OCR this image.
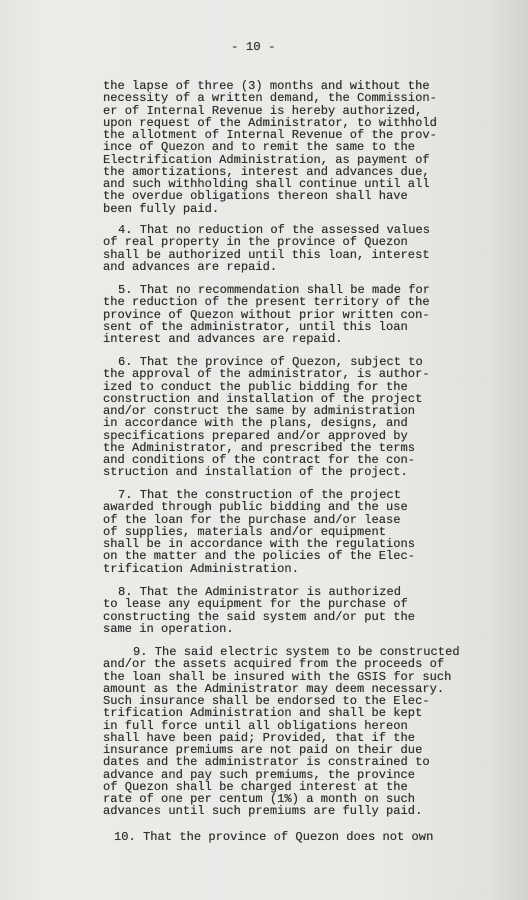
- 10 -
the lapse of three (3) months and without the
necessity of a written demand, the Commission-
er of Internal Revenue is hereby authorized,
upon request of the Administrator, to withhold
the allotment of Internal Revenue of the prov-
ince of Quezon and to remit the same to the
Electrification Administration, as payment of
the amortizations, interest and advances due,
and such withholding shall continue until all
the overdue obligations thereon shall have
been fully paid.
4. That no reduction of the assessed values
of real property in the province of Quezon
shall be authorized until this loan, interest
and advances are repaid.
5. That no recommendation shall be made for
the reduction of the present territory of the
province of Quezon without prior written con-
sent of the administrator, until this loan
interest and advances are repaid.
6. That the province of Quezon, subject to
the approval of the administrator, is author-
ized to conduct the public bidding for the
construction and installation of the project
and/or construct the same by administration
in accordance with the plans, designs, and
specifications prepared and/or approved by
the Administrator, and prescribed the terms
and conditions of the contract for the con-
struction and installation of the project.
7. That the construction of the project
awarded through public bidding and the use
of the loan for the purchase and/or lease
of supplies, materials and/or equipment
shall be in accordance with the regulations
on the matter and the policies of the Elec-
trification Administration.
8. That the Administrator is authorized
to lease any equipment for the purchase of
constructing the said system and/or put the
same in operation.
9. The said electric system to be constructed
and/or the assets acquired from the proceeds of
the loan shall be insured with the GSIS for such
amount as the Administrator may deem necessary.
Such insurance shall be endorsed to the Elec-
trification Administration and shall be kept
in full force until all obligations hereon
shall have been paid; Provided, that if the
insurance premiums are not paid on their due
dates and the administrator is constrained to
advance and pay such premiums, the province
of Quezon shall be charged interest at the
rate of one per centum (1%) a month on such
advances until such premiums are fully paid.
10. That the province of Quezon does not own
